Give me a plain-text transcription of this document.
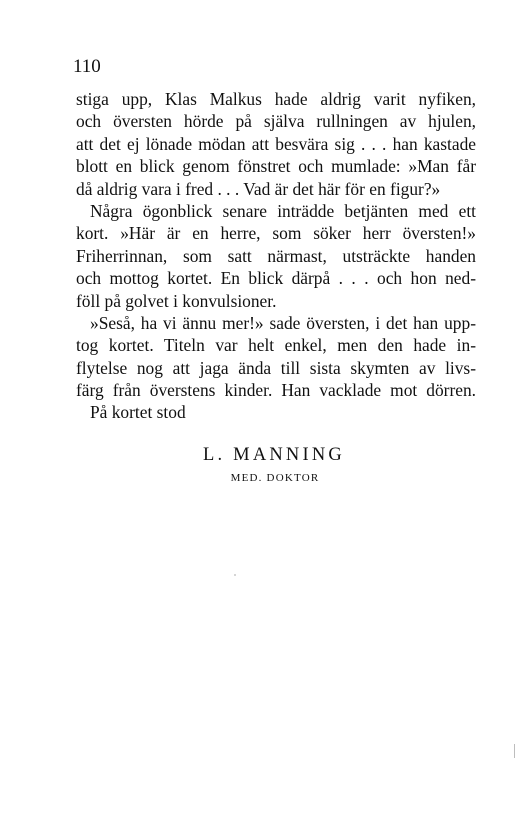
110
stiga upp, Klas Malkus hade aldrig varit nyfiken,
och översten hörde på själva rullningen av hjulen,
att det ej lönade mödan att besvära sig . . . han kastade
blott en blick genom fönstret och mumlade: »Man får
då aldrig vara i fred . . . Vad är det här för en figur?»
Några ögonblick senare inträdde betjänten med ett
kort. »Här är en herre, som söker herr översten!»
Friherrinnan, som satt närmast, utsträckte handen
och mottog kortet. En blick därpå . . . och hon ned-
föll på golvet i konvulsioner.
»Seså, ha vi ännu mer!» sade översten, i det han upp-
tog kortet. Titeln var helt enkel, men den hade in-
flytelse nog att jaga ända till sista skymten av livs-
färg från överstens kinder. Han vacklade mot dörren.
På kortet stod
L. MANNING
MED. DOKTOR
